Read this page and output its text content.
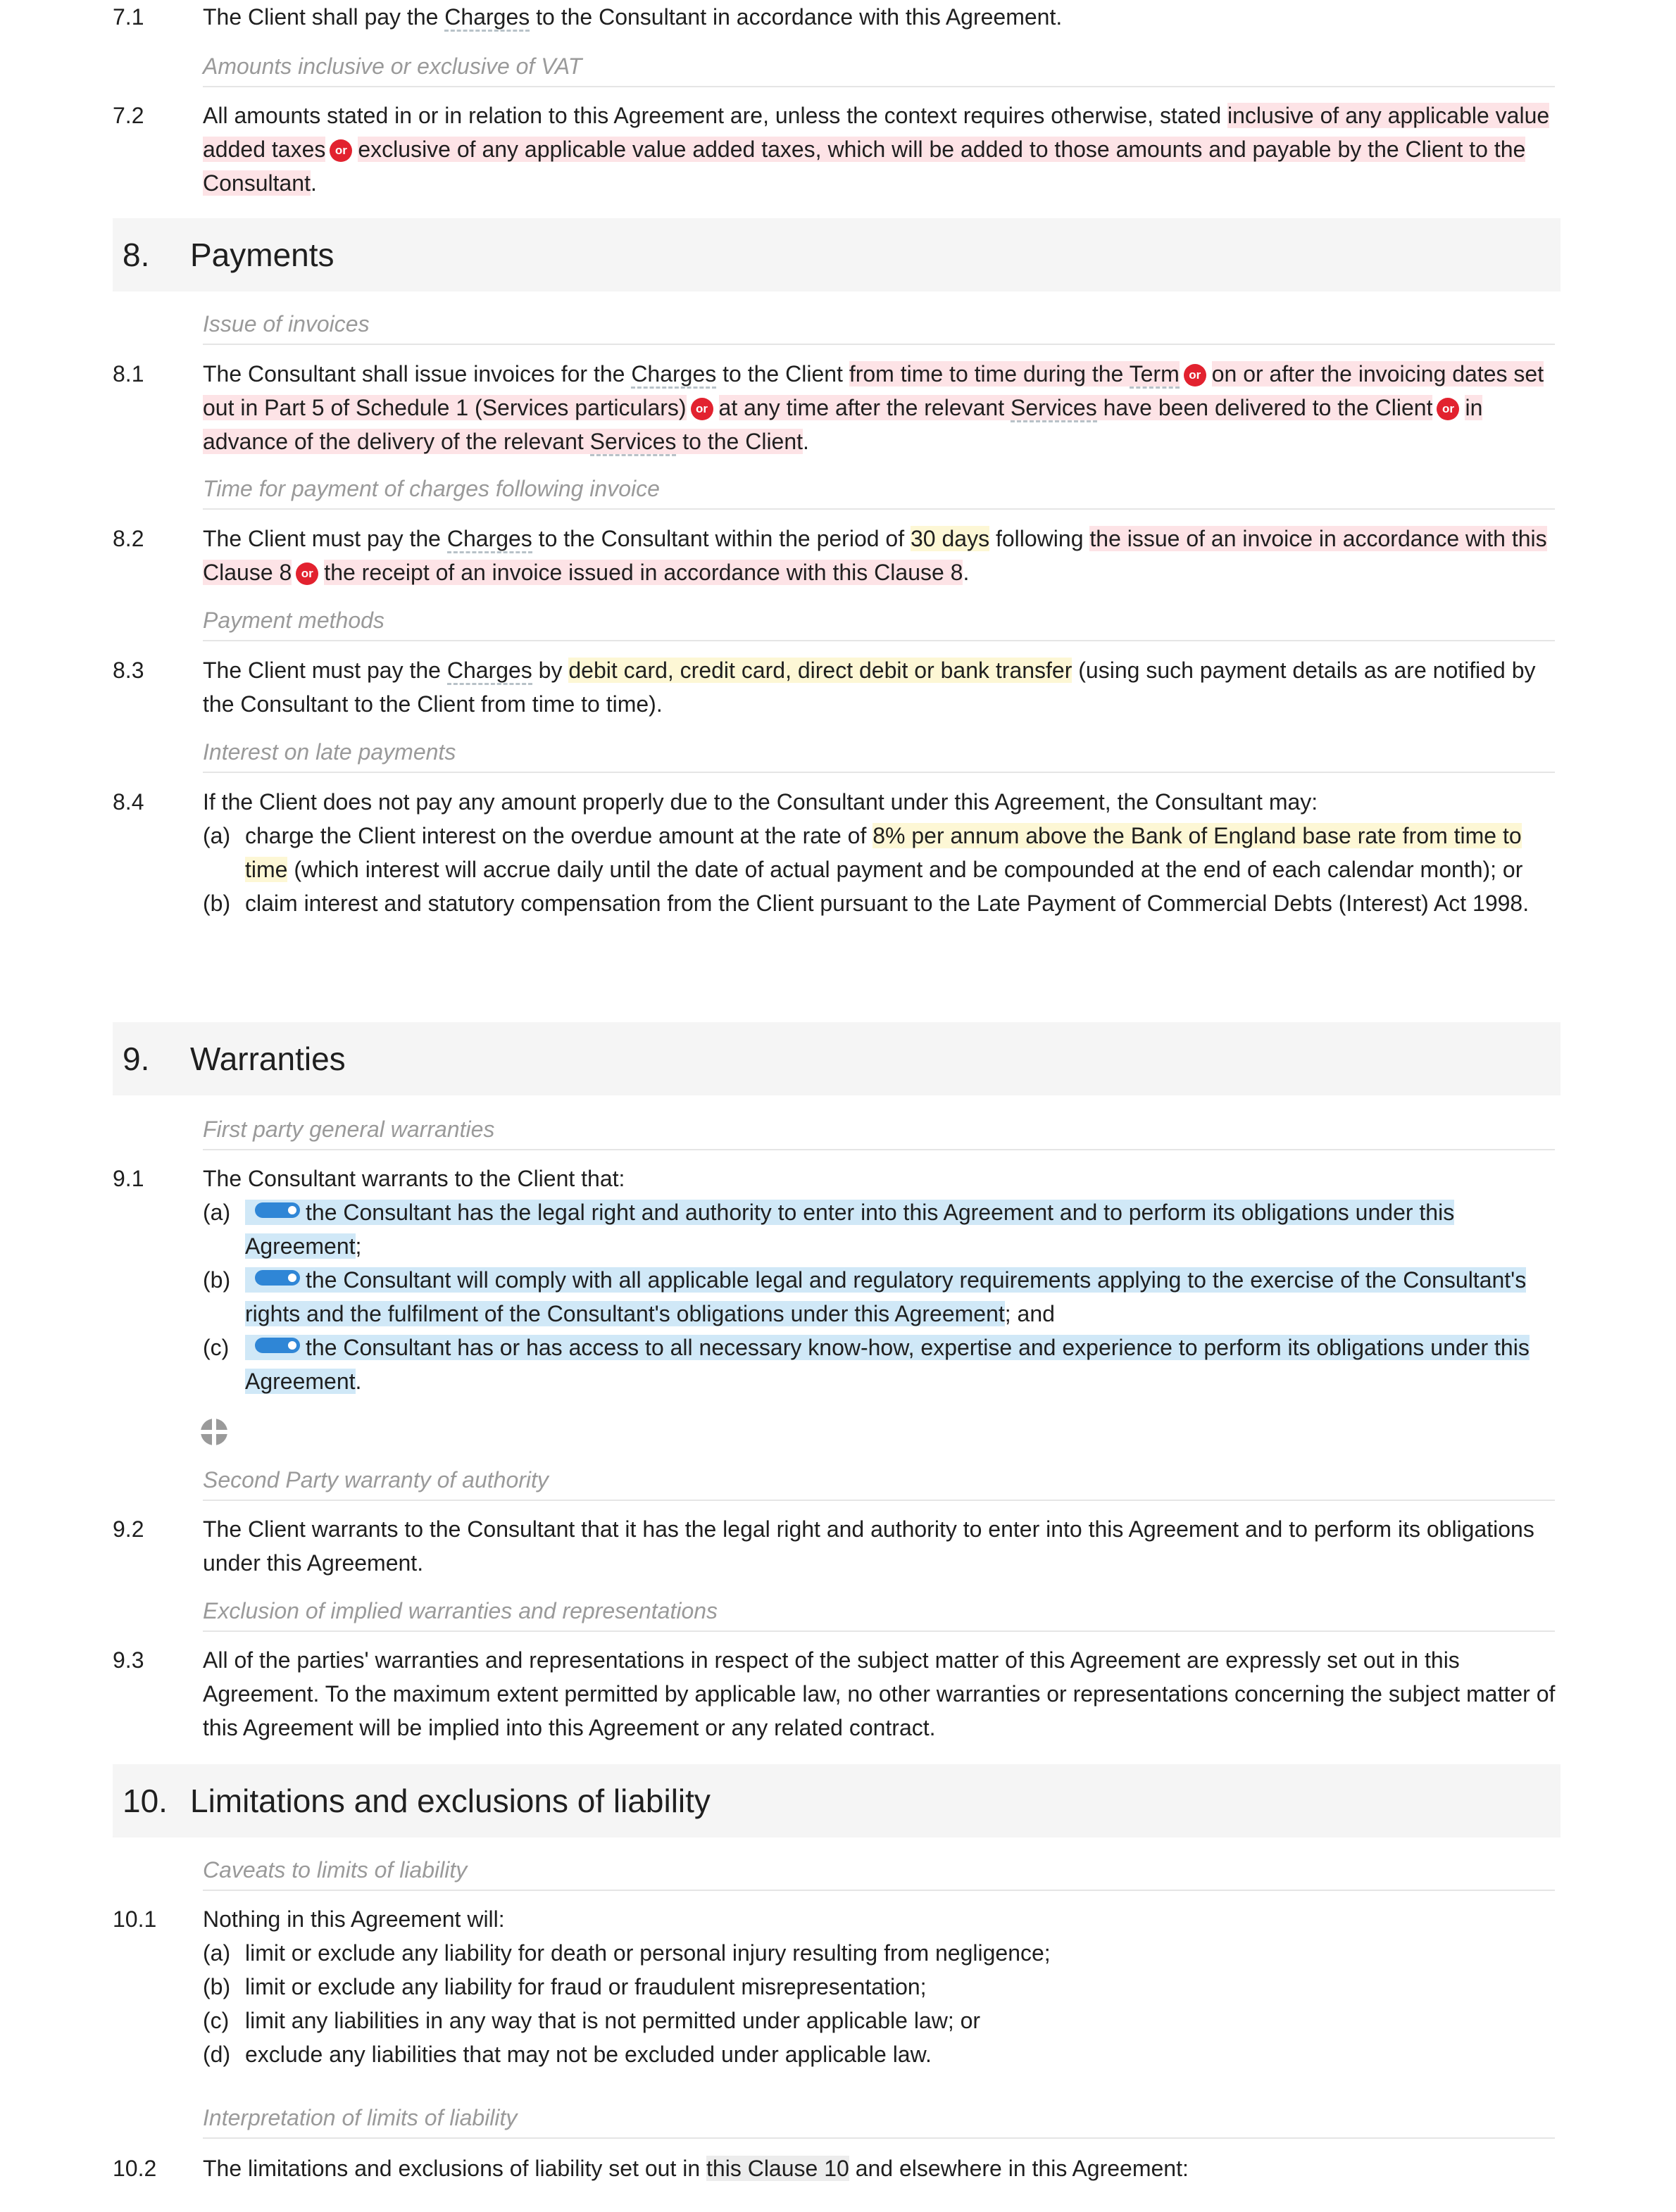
7.1	The Client shall pay the Charges to the Consultant in accordance with this Agreement.
Amounts inclusive or exclusive of VAT
7.2	All amounts stated in or in relation to this Agreement are, unless the context requires otherwise, stated inclusive of any applicable value added taxes or exclusive of any applicable value added taxes, which will be added to those amounts and payable by the Client to the Consultant.
8. Payments
Issue of invoices
8.1	The Consultant shall issue invoices for the Charges to the Client from time to time during the Term or on or after the invoicing dates set out in Part 5 of Schedule 1 (Services particulars) or at any time after the relevant Services have been delivered to the Client or in advance of the delivery of the relevant Services to the Client.
Time for payment of charges following invoice
8.2	The Client must pay the Charges to the Consultant within the period of 30 days following the issue of an invoice in accordance with this Clause 8 or the receipt of an invoice issued in accordance with this Clause 8.
Payment methods
8.3	The Client must pay the Charges by debit card, credit card, direct debit or bank transfer (using such payment details as are notified by the Consultant to the Client from time to time).
Interest on late payments
8.4	If the Client does not pay any amount properly due to the Consultant under this Agreement, the Consultant may:
(a) charge the Client interest on the overdue amount at the rate of 8% per annum above the Bank of England base rate from time to time (which interest will accrue daily until the date of actual payment and be compounded at the end of each calendar month); or
(b) claim interest and statutory compensation from the Client pursuant to the Late Payment of Commercial Debts (Interest) Act 1998.
9. Warranties
First party general warranties
9.1	The Consultant warrants to the Client that:
(a)	the Consultant has the legal right and authority to enter into this Agreement and to perform its obligations under this Agreement;
(b)	the Consultant will comply with all applicable legal and regulatory requirements applying to the exercise of the Consultant's rights and the fulfilment of the Consultant's obligations under this Agreement; and
(c)	the Consultant has or has access to all necessary know-how, expertise and experience to perform its obligations under this Agreement.
Second Party warranty of authority
9.2	The Client warrants to the Consultant that it has the legal right and authority to enter into this Agreement and to perform its obligations under this Agreement.
Exclusion of implied warranties and representations
9.3	All of the parties' warranties and representations in respect of the subject matter of this Agreement are expressly set out in this Agreement. To the maximum extent permitted by applicable law, no other warranties or representations concerning the subject matter of this Agreement will be implied into this Agreement or any related contract.
10. Limitations and exclusions of liability
Caveats to limits of liability
10.1	Nothing in this Agreement will:
(a) limit or exclude any liability for death or personal injury resulting from negligence;
(b) limit or exclude any liability for fraud or fraudulent misrepresentation;
(c) limit any liabilities in any way that is not permitted under applicable law; or
(d) exclude any liabilities that may not be excluded under applicable law.
Interpretation of limits of liability
10.2	The limitations and exclusions of liability set out in this Clause 10 and elsewhere in this Agreement:
